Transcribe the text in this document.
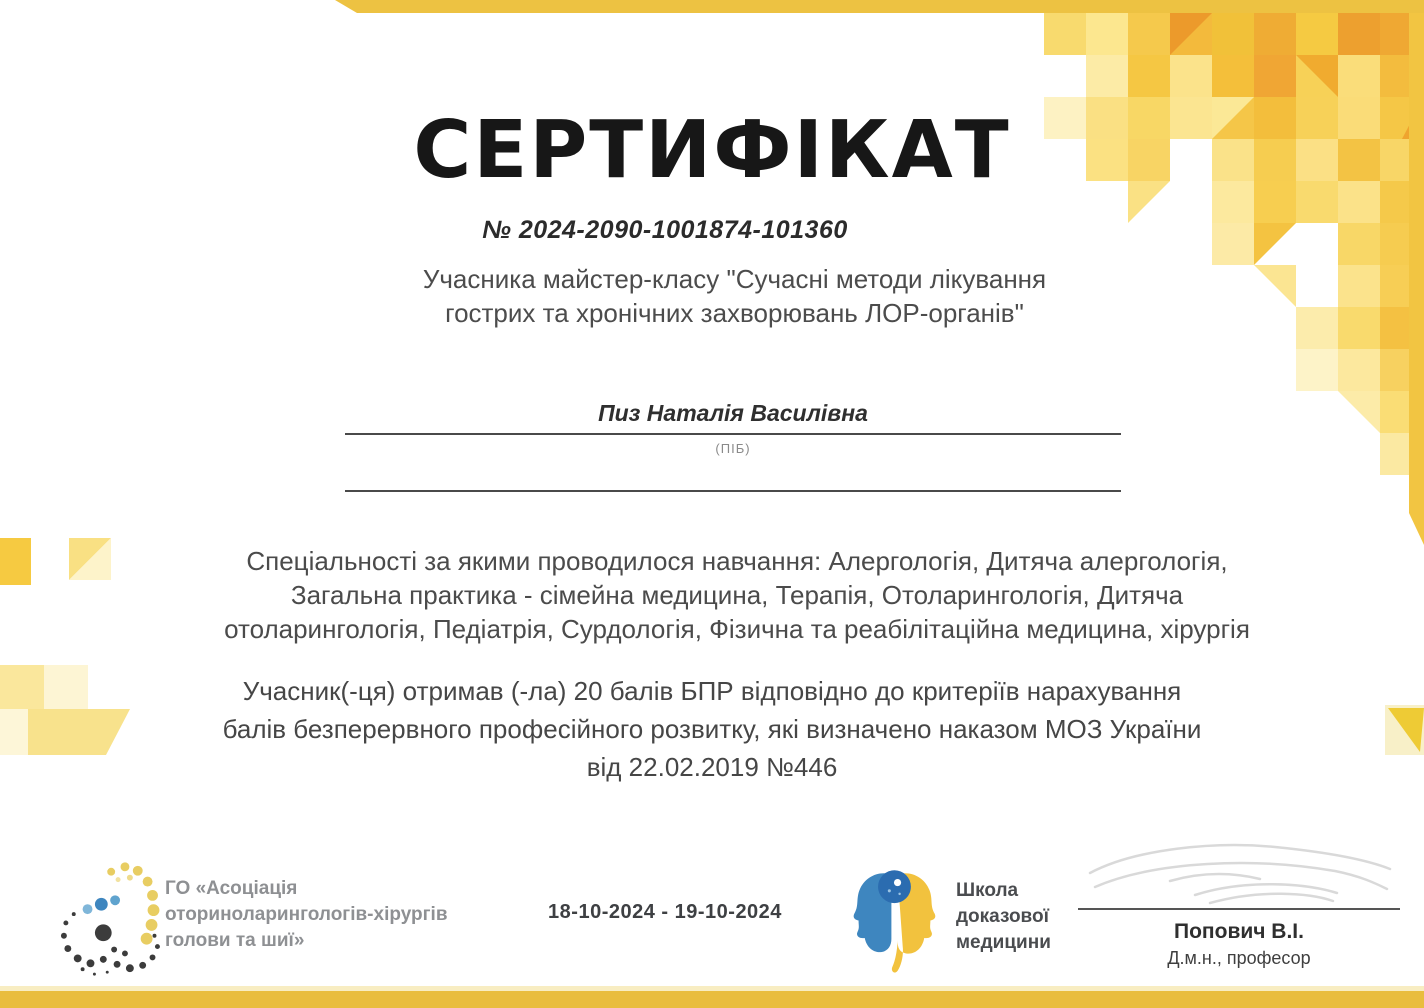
СЕРТИФІКАТ
№ 2024-2090-1001874-101360
Учасника майстер-класу "Сучасні методи лікування
гострих та хронічних захворювань ЛОР-органів"
Пиз Наталія Василівна
(ПІБ)
Спеціальності за якими проводилося навчання: Алергологія, Дитяча алергологія,
Загальна практика - сімейна медицина, Терапія, Отоларингологія, Дитяча
отоларингологія, Педіатрія, Сурдологія, Фізична та реабілітаційна медицина, хірургія
Учасник(-ця) отримав (-ла) 20 балів БПР відповідно до критеріїв нарахування
балів безперервного професійного розвитку, які визначено наказом МОЗ України
від 22.02.2019 №446
ГО «Асоціація
оториноларингологів-хірургів
голови та шиї»
18-10-2024 - 19-10-2024
Школа
доказової
медицини	Попович В.І.
Д.м.н., професор
